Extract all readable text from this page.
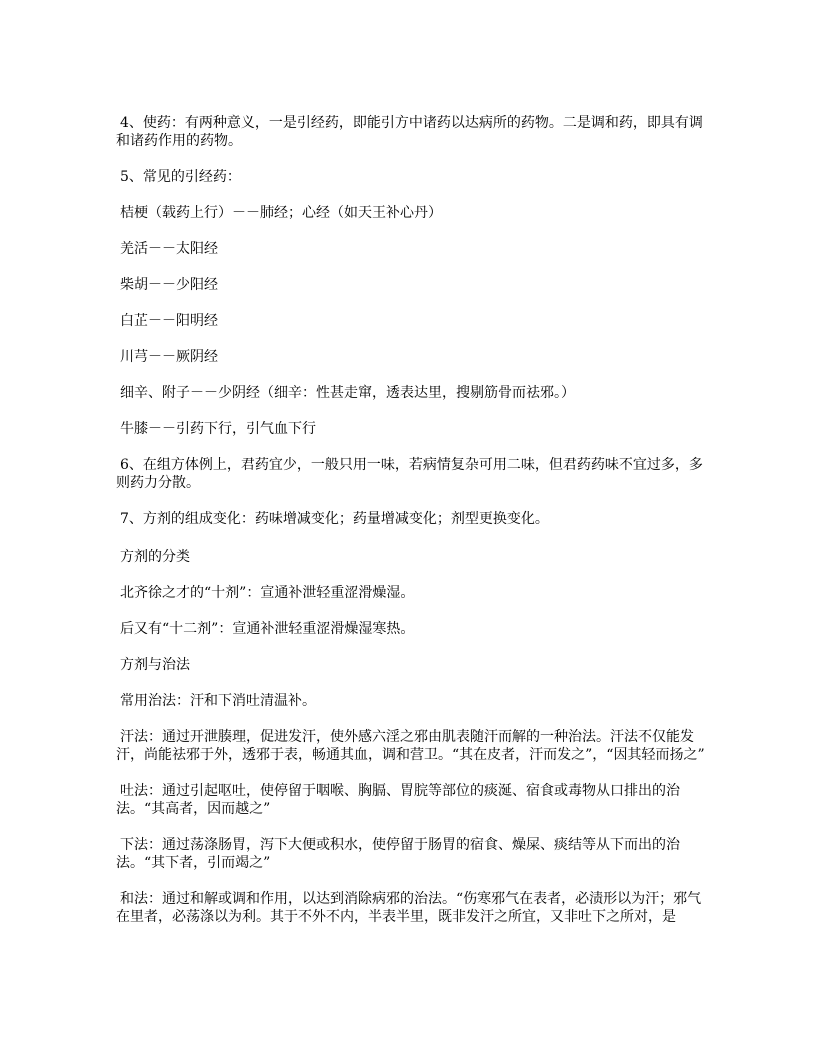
4、使药：有两种意义，一是引经药，即能引方中诸药以达病所的药物。二是调和药，即具有调和诸药作用的药物。

5、常见的引经药：

桔梗（载药上行）－－肺经；心经（如天王补心丹）

羌活－－太阳经

柴胡－－少阳经

白芷－－阳明经

川芎－－厥阴经

细辛、附子－－少阴经（细辛：性甚走窜，透表达里，搜剔筋骨而祛邪。）

牛膝－－引药下行，引气血下行

6、在组方体例上，君药宜少，一般只用一味，若病情复杂可用二味，但君药药味不宜过多，多则药力分散。

7、方剂的组成变化：药味增减变化；药量增减变化；剂型更换变化。

方剂的分类

北齐徐之才的“十剂”：宣通补泄轻重涩滑燥湿。

后又有“十二剂”：宣通补泄轻重涩滑燥湿寒热。

方剂与治法

常用治法：汗和下消吐清温补。

汗法：通过开泄腠理，促进发汗，使外感六淫之邪由肌表随汗而解的一种治法。汗法不仅能发汗，尚能祛邪于外，透邪于表，畅通其血，调和营卫。“其在皮者，汗而发之”，“因其轻而扬之”

吐法：通过引起呕吐，使停留于咽喉、胸膈、胃脘等部位的痰涎、宿食或毒物从口排出的治法。“其高者，因而越之”

下法：通过荡涤肠胃，泻下大便或积水，使停留于肠胃的宿食、燥屎、痰结等从下而出的治法。“其下者，引而竭之”

和法：通过和解或调和作用，以达到消除病邪的治法。“伤寒邪气在表者，必渍形以为汗；邪气在里者，必荡涤以为利。其于不外不内，半表半里，既非发汗之所宜，又非吐下之所对，是
